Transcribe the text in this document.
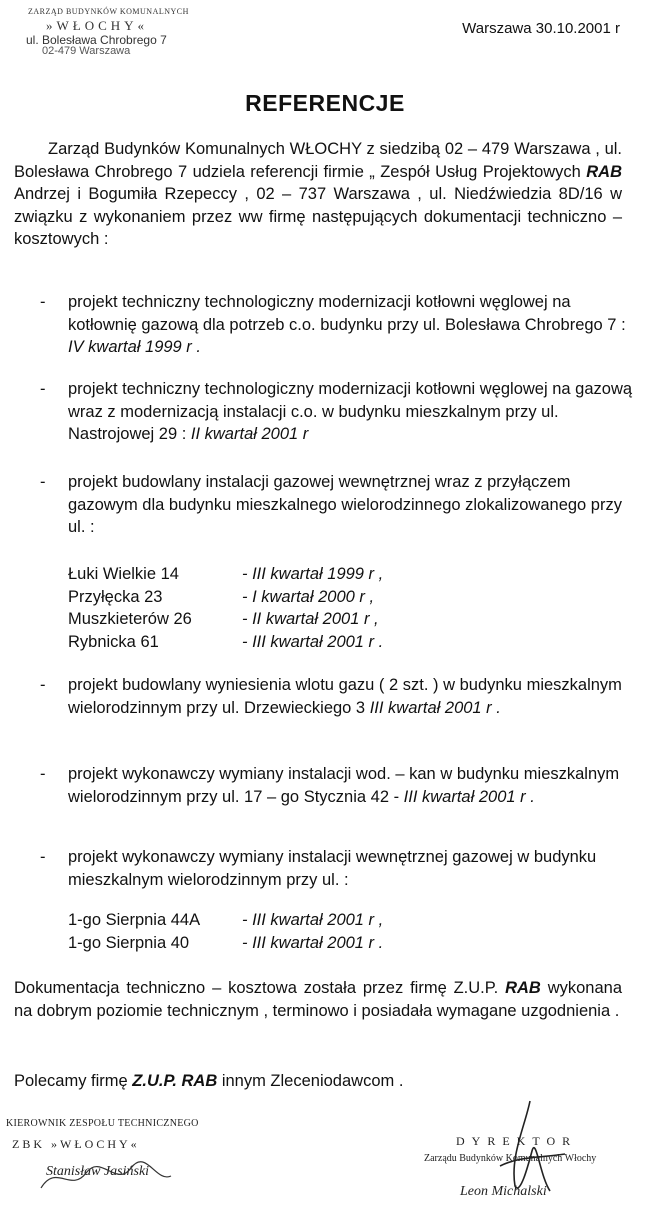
ZARZĄD BUDYNKÓW KOMUNALNYCH
»WŁOCHY«
ul. Bolesława Chrobrego 7
02-479 Warszawa
Warszawa 30.10.2001 r
REFERENCJE
Zarząd Budynków Komunalnych WŁOCHY z siedzibą 02 – 479 Warszawa , ul. Bolesława Chrobrego 7 udziela referencji firmie „ Zespół Usług Projektowych RAB Andrzej i Bogumiła Rzepeccy , 02 – 737 Warszawa , ul. Niedźwiedzia 8D/16 w związku z wykonaniem przez ww firmę następujących dokumentacji techniczno – kosztowych :
- projekt techniczny technologiczny modernizacji kotłowni węglowej na kotłownię gazową dla potrzeb c.o. budynku przy ul. Bolesława Chrobrego 7 : IV kwartał 1999 r .
- projekt techniczny technologiczny modernizacji kotłowni węglowej na gazową wraz z modernizacją instalacji c.o. w budynku mieszkalnym przy ul. Nastrojowej 29 : II kwartał 2001 r
- projekt budowlany instalacji gazowej wewnętrznej wraz z przyłączem gazowym dla budynku mieszkalnego wielorodzinnego zlokalizowanego przy ul. :
Łuki Wielkie 14	- III kwartał 1999 r ,
Przyłęcka 23	- I kwartał 2000 r ,
Muszkieterów 26	- II kwartał 2001 r ,
Rybnicka 61	- III kwartał 2001 r .
- projekt budowlany wyniesienia wlotu gazu ( 2 szt. ) w budynku mieszkalnym wielorodzinnym przy ul. Drzewieckiego 3 III kwartał 2001 r .
- projekt wykonawczy wymiany instalacji wod. – kan w budynku mieszkalnym wielorodzinnym przy ul. 17 – go Stycznia 42 - III kwartał 2001 r .
- projekt wykonawczy wymiany instalacji wewnętrznej gazowej w budynku mieszkalnym wielorodzinnym przy ul. :
1-go Sierpnia 44A	- III kwartał 2001 r ,
1-go Sierpnia 40	- III kwartał 2001 r .
Dokumentacja techniczno – kosztowa została przez firmę Z.U.P. RAB wykonana na dobrym poziomie technicznym , terminowo i posiadała wymagane uzgodnienia .
Polecamy firmę Z.U.P. RAB innym Zleceniodawcom .
KIEROWNIK ZESPOŁU TECHNICZNEGO
ZBK »WŁOCHY«
Stanisław Jasiński
DYREKTOR
Zarządu Budynków Komunalnych Włochy
Leon Michalski
